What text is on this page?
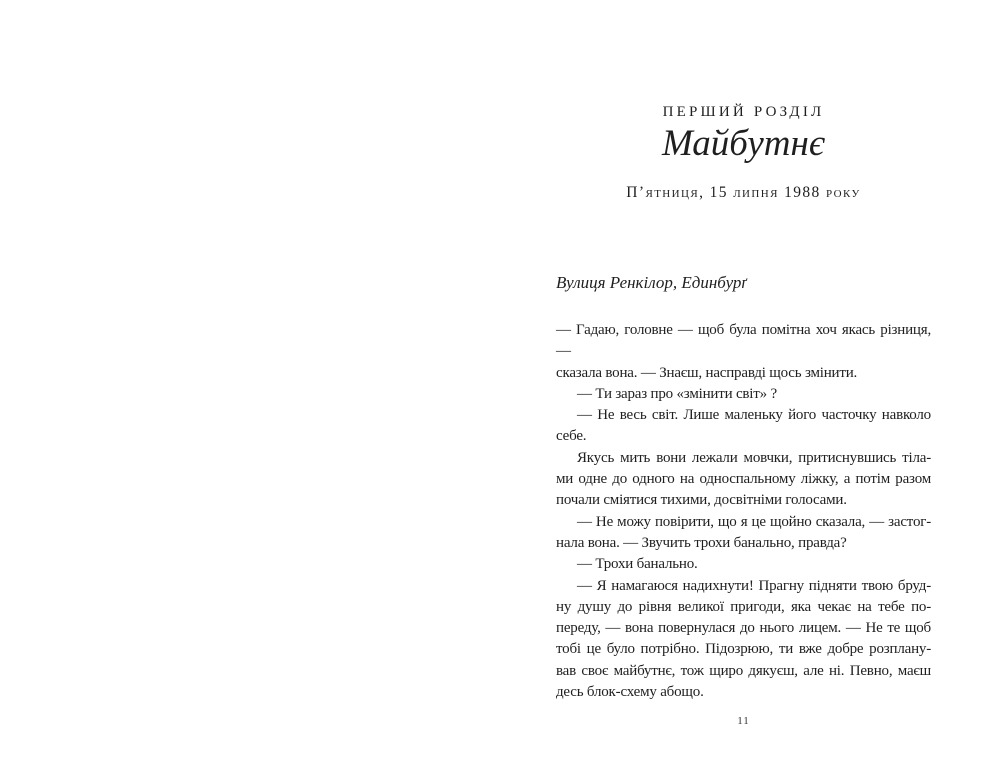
ПЕРШИЙ РОЗДІЛ
Майбутнє
П’ятниця, 15 липня 1988 року
Вулиця Ренкілор, Единбурґ
— Гадаю, головне — щоб була помітна хоч якась різниця, —
сказала вона. — Знаєш, насправді щось змінити.
— Ти зараз про «змінити світ» ?
— Не весь світ. Лише маленьку його часточку навколо
себе.
Якусь мить вони лежали мовчки, притиснувшись тіла-
ми одне до одного на односпальному ліжку, а потім разом
почали сміятися тихими, досвітніми голосами.
— Не можу повірити, що я це щойно сказала, — застог-
нала вона. — Звучить трохи банально, правда?
— Трохи банально.
— Я намагаюся надихнути! Прагну підняти твою бруд-
ну душу до рівня великої пригоди, яка чекає на тебе по-
переду, — вона повернулася до нього лицем. — Не те щоб
тобі це було потрібно. Підозрюю, ти вже добре розплану-
вав своє майбутнє, тож щиро дякуєш, але ні. Певно, маєш
десь блок-схему абощо.
11
